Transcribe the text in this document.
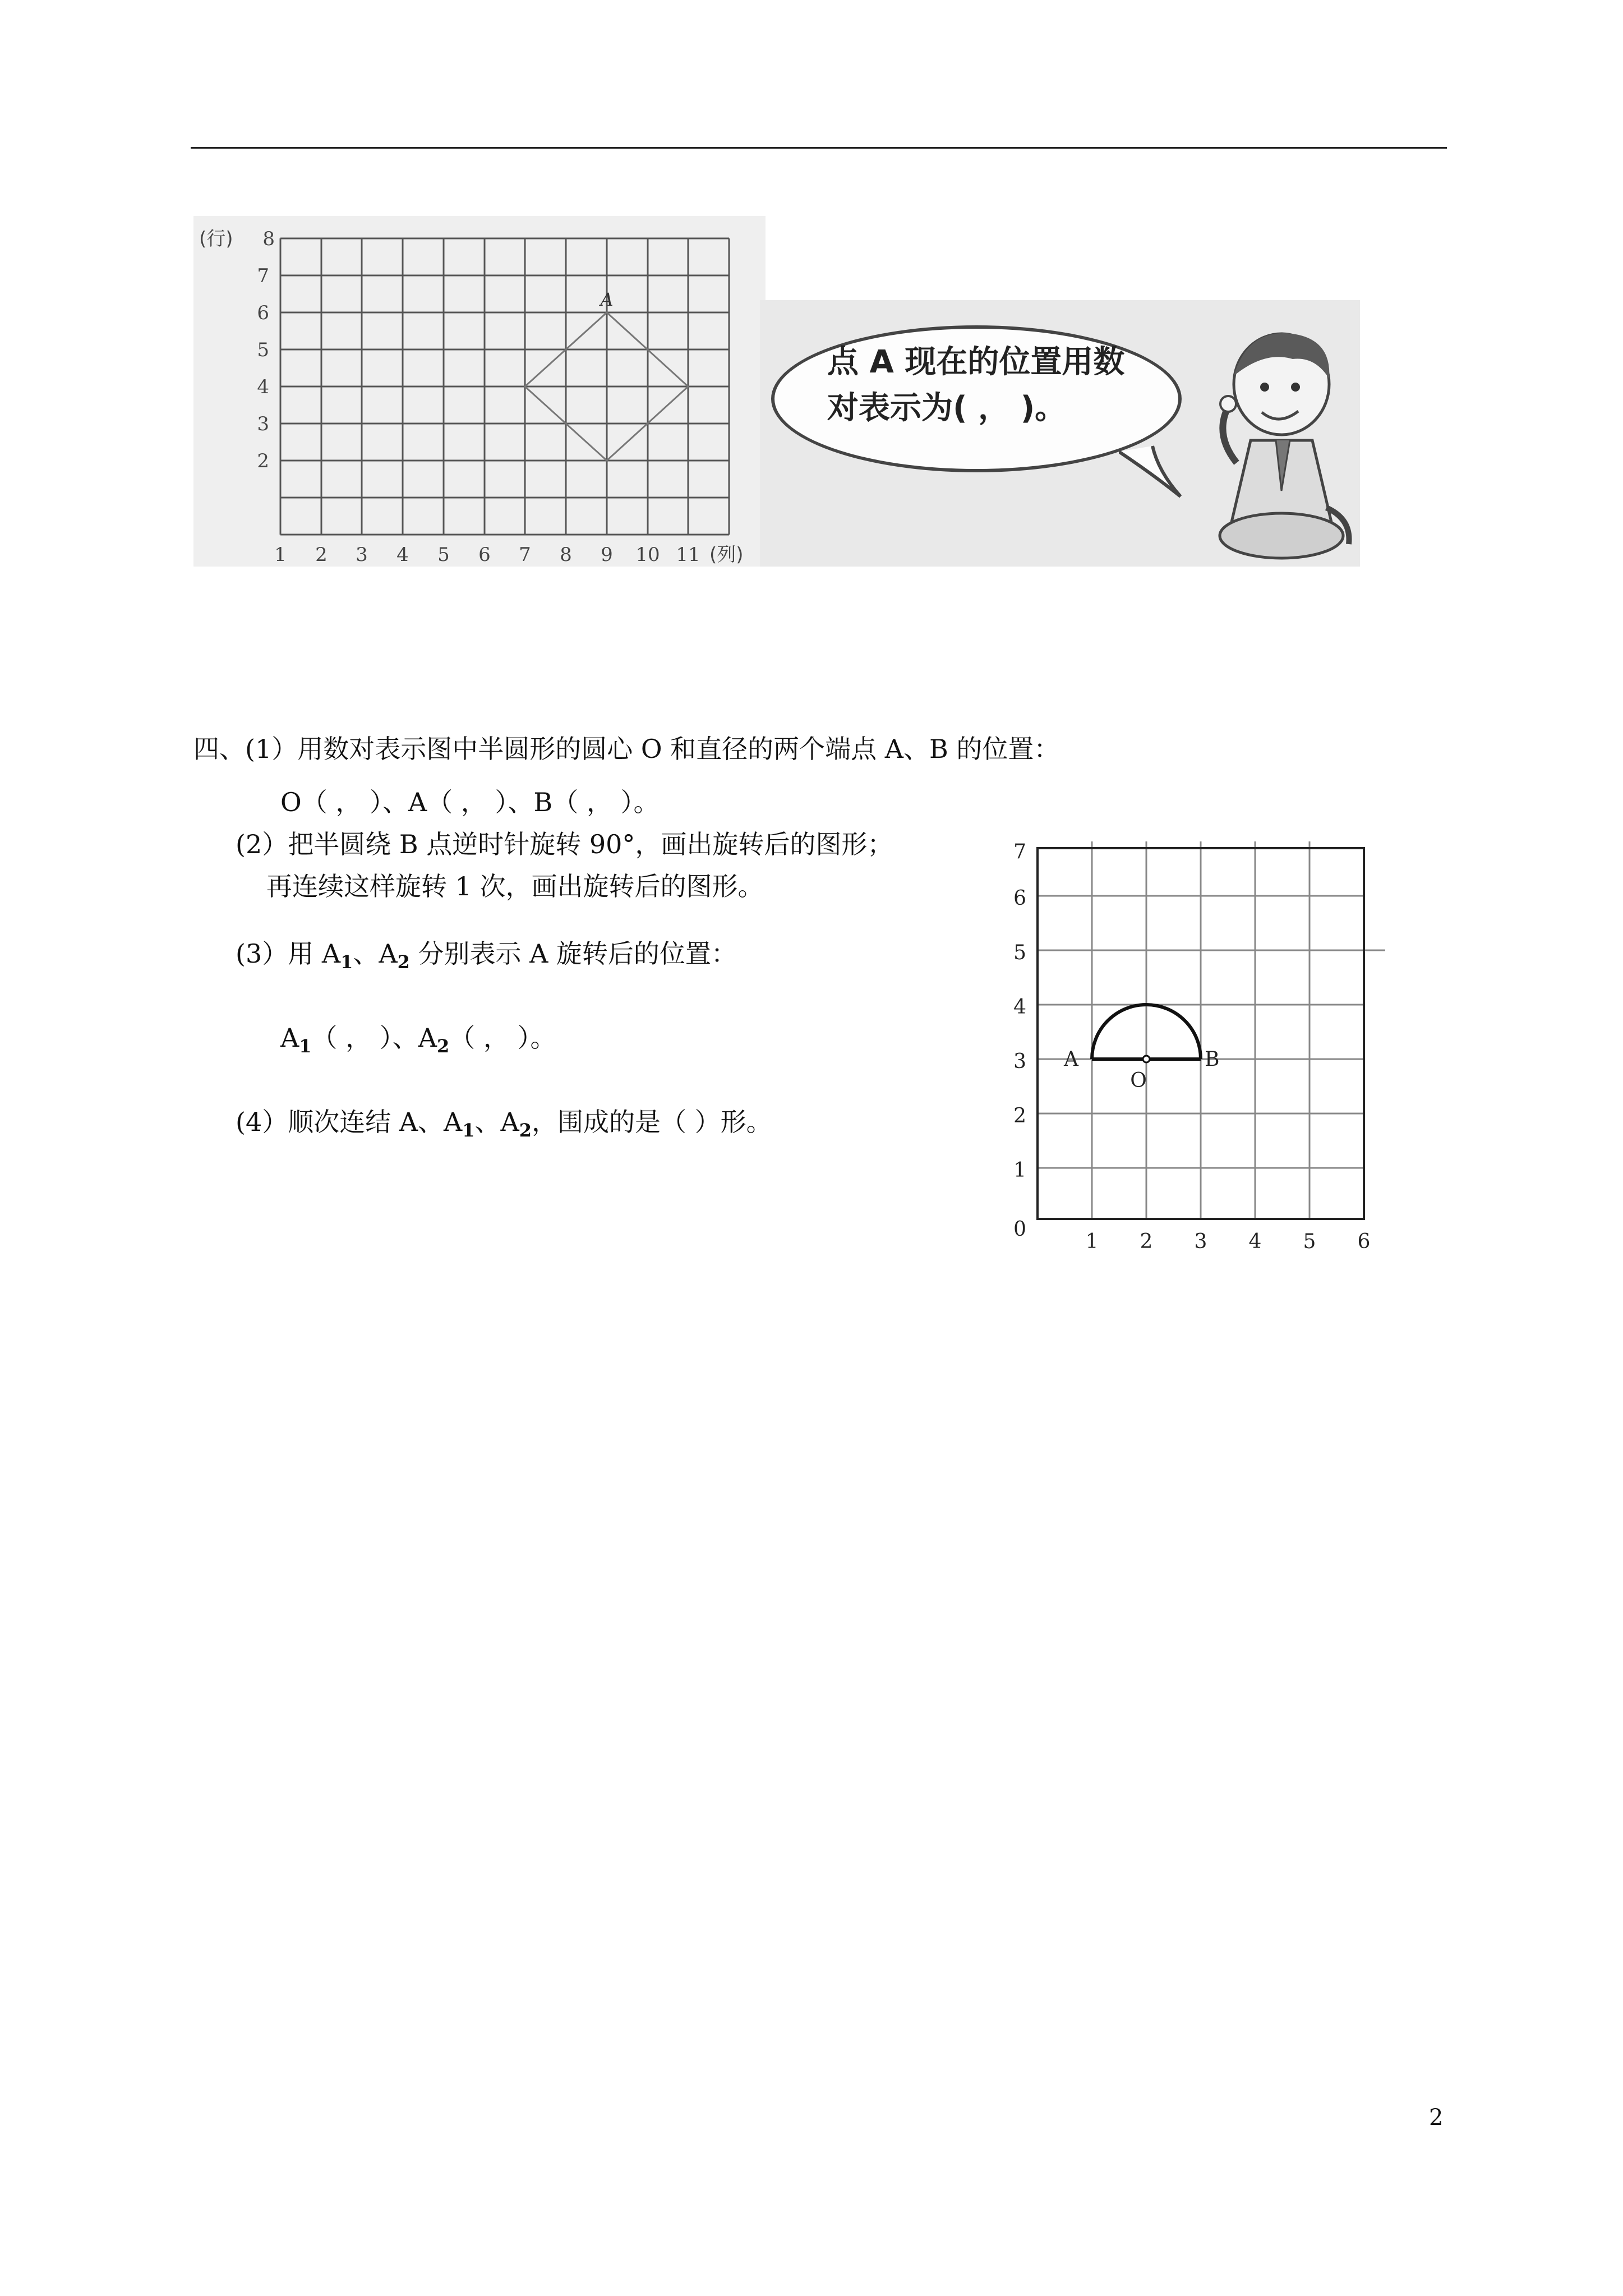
8
7
6
5
4
3
2
(行)
1 2 3 4 5 6 7 8 9 10 11 (列)
A
点 A 现在的位置用数
对表示为( ， )。
四、(1）用数对表示图中半圆形的圆心 O 和直径的两个端点 A、B 的位置：
O（ ， ）、A（ ， ）、B（ ， ）。
(2）把半圆绕 B 点逆时针旋转 90°，画出旋转后的图形；
再连续这样旋转 1 次，画出旋转后的图形。
(3）用 $A_1$、$A_2$ 分别表示 A 旋转后的位置：
$A_1$（ ， ）、$A_2$（ ， ）。
(4）顺次连结 A、$A_1$、$A_2$，围成的是（ ）形。
A	B
O
0
1 2 3 4 5 6
1
2
3
4
5
6
7
2
